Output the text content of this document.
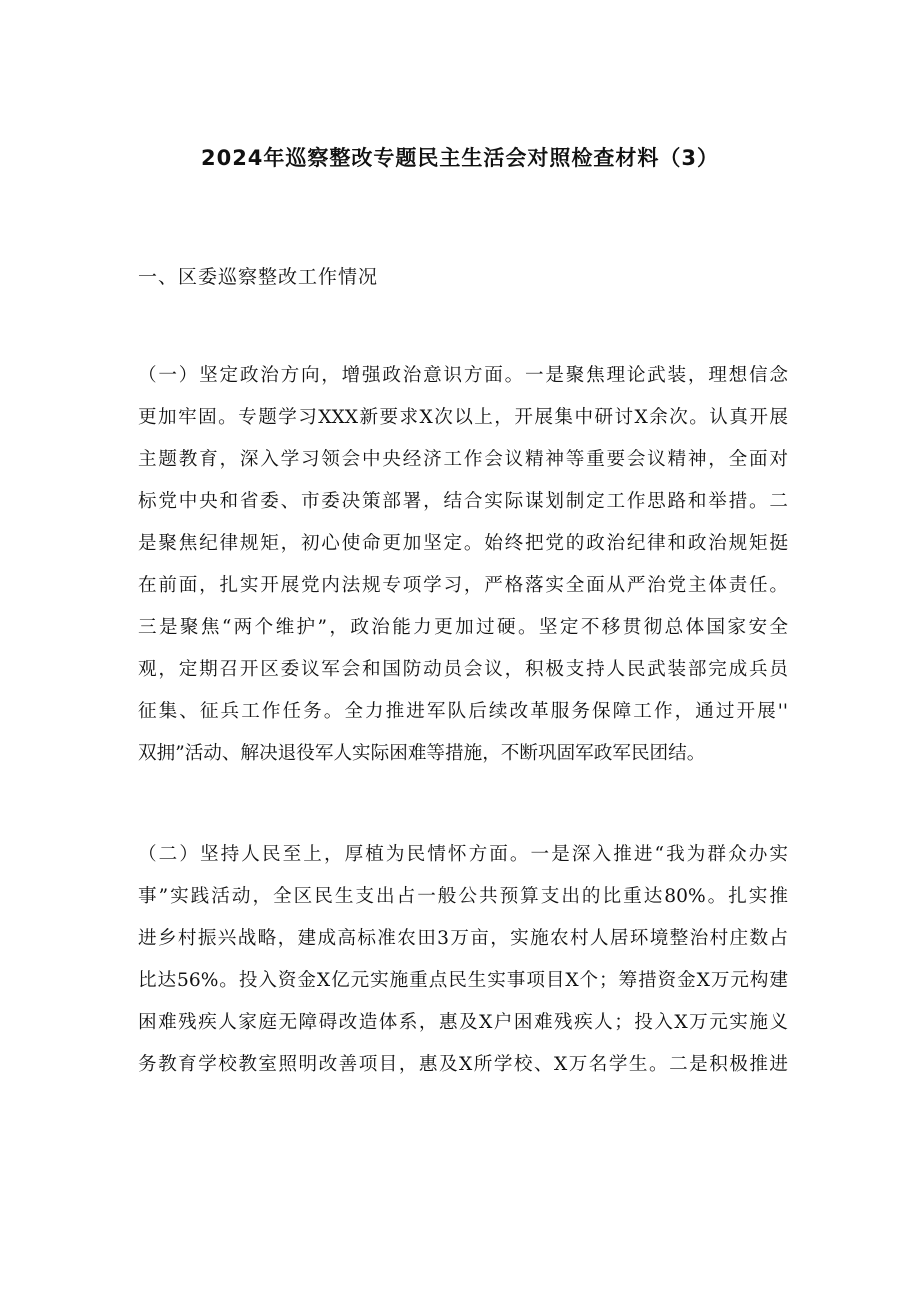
2024年巡察整改专题民主生活会对照检查材料（3）
一、区委巡察整改工作情况
（一）坚定政治方向，增强政治意识方面。一是聚焦理论武装，理想信念
更加牢固。专题学习XXX新要求X次以上，开展集中研讨X余次。认真开展
主题教育，深入学习领会中央经济工作会议精神等重要会议精神，全面对
标党中央和省委、市委决策部署，结合实际谋划制定工作思路和举措。二
是聚焦纪律规矩，初心使命更加坚定。始终把党的政治纪律和政治规矩挺
在前面，扎实开展党内法规专项学习，严格落实全面从严治党主体责任。
三是聚焦“两个维护”，政治能力更加过硬。坚定不移贯彻总体国家安全
观，定期召开区委议军会和国防动员会议，积极支持人民武装部完成兵员
征集、征兵工作任务。全力推进军队后续改革服务保障工作，通过开展''
双拥”活动、解决退役军人实际困难等措施，不断巩固军政军民团结。
（二）坚持人民至上，厚植为民情怀方面。一是深入推进“我为群众办实
事”实践活动，全区民生支出占一般公共预算支出的比重达80%。扎实推
进乡村振兴战略，建成高标准农田3万亩，实施农村人居环境整治村庄数占
比达56%。投入资金X亿元实施重点民生实事项目X个；筹措资金X万元构建
困难残疾人家庭无障碍改造体系，惠及X户困难残疾人；投入X万元实施义
务教育学校教室照明改善项目，惠及X所学校、X万名学生。二是积极推进
